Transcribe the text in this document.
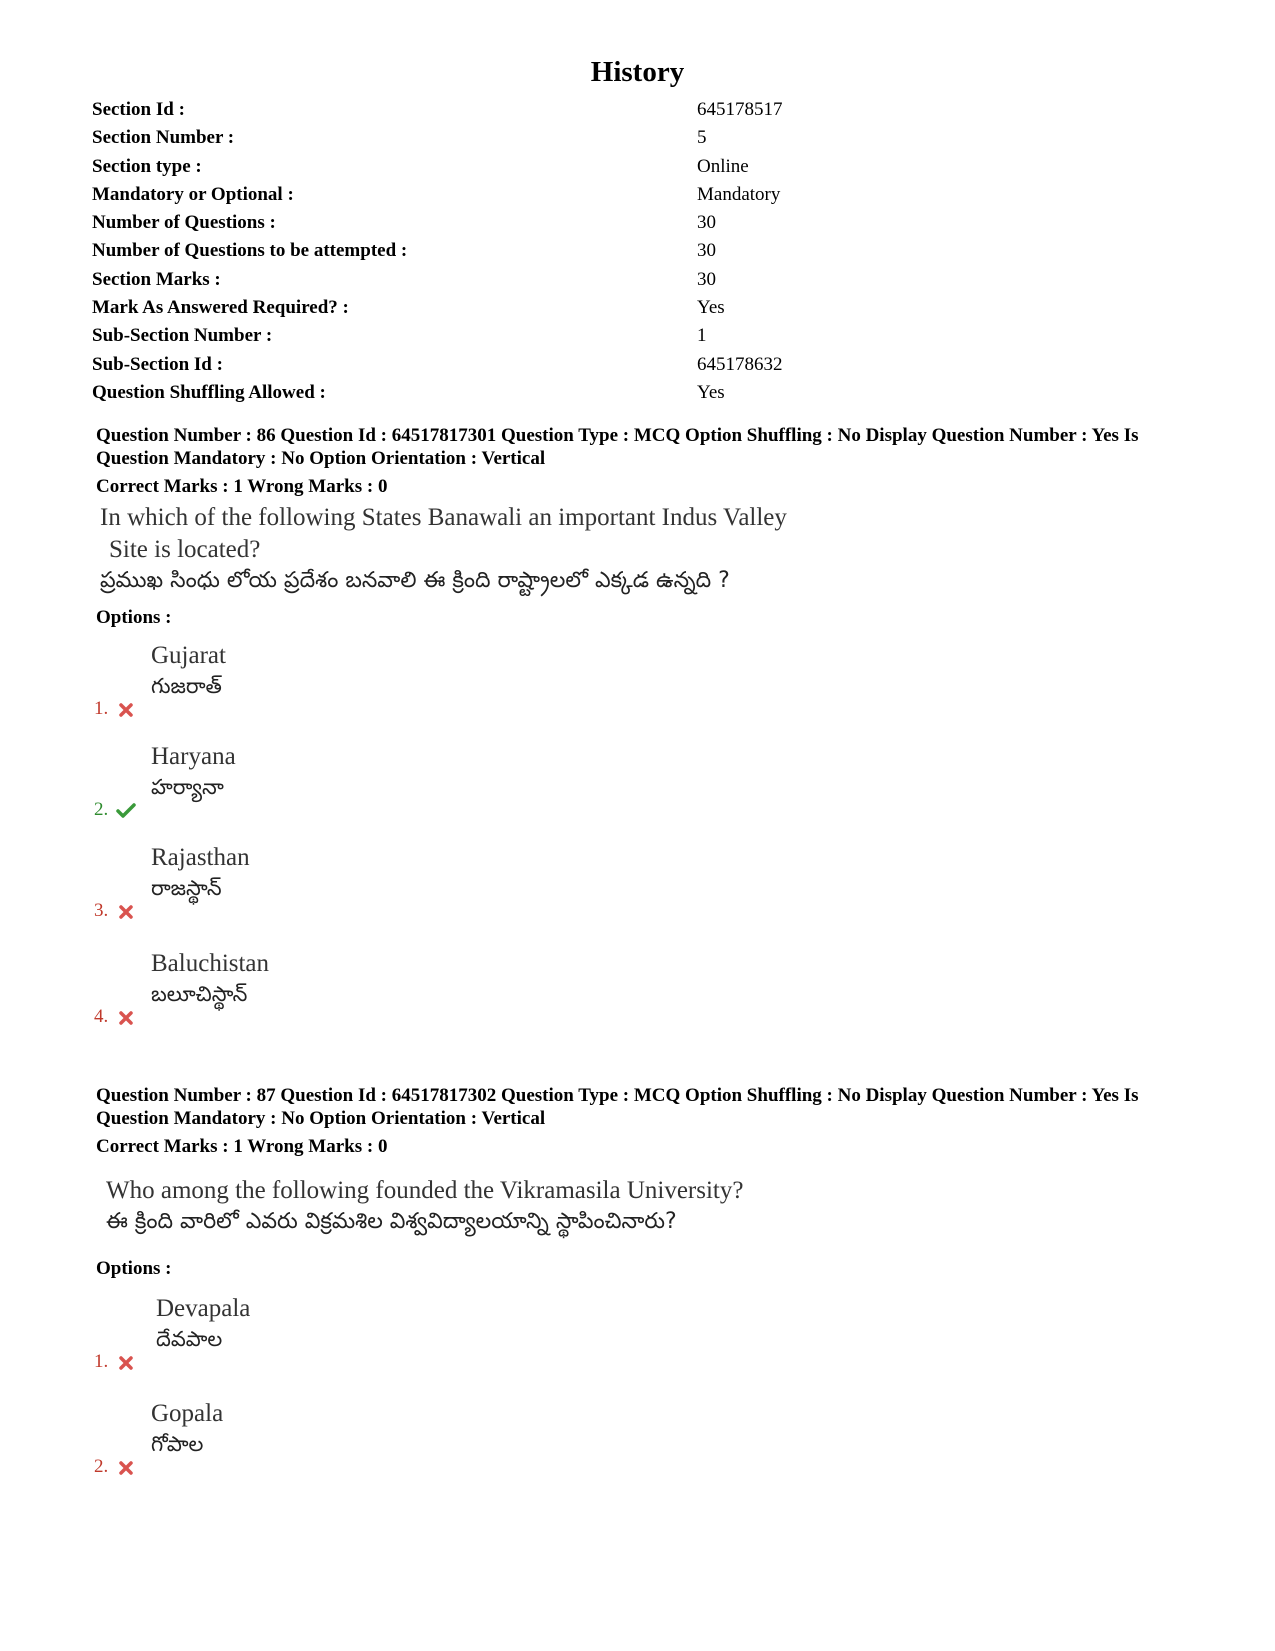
History
Section Id :	645178517
Section Number :	5
Section type :	Online
Mandatory or Optional :	Mandatory
Number of Questions :	30
Number of Questions to be attempted :	30
Section Marks :	30
Mark As Answered Required? :	Yes
Sub-Section Number :	1
Sub-Section Id :	645178632
Question Shuffling Allowed :	Yes
Question Number : 86 Question Id : 64517817301 Question Type : MCQ Option Shuffling : No Display Question Number : Yes Is Question Mandatory : No Option Orientation : Vertical
Correct Marks : 1 Wrong Marks : 0
In which of the following States Banawali an important Indus Valley
Site is located?
ప్రముఖ సింధు లోయ ప్రదేశం బనవాలి ఈ క్రింది రాష్ట్రాలలో ఎక్కడ ఉన్నది ?
Options :
1.
Gujarat
గుజరాత్
2.
Haryana
హర్యానా
3.
Rajasthan
రాజస్థాన్
4.
Baluchistan
బలూచిస్థాన్
Question Number : 87 Question Id : 64517817302 Question Type : MCQ Option Shuffling : No Display Question Number : Yes Is Question Mandatory : No Option Orientation : Vertical
Correct Marks : 1 Wrong Marks : 0
Who among the following founded the Vikramasila University?
ఈ క్రింది వారిలో ఎవరు విక్రమశిల విశ్వవిద్యాలయాన్ని స్థాపించినారు?
Options :
1.
Devapala
దేవపాల
2.
Gopala
గోపాల
